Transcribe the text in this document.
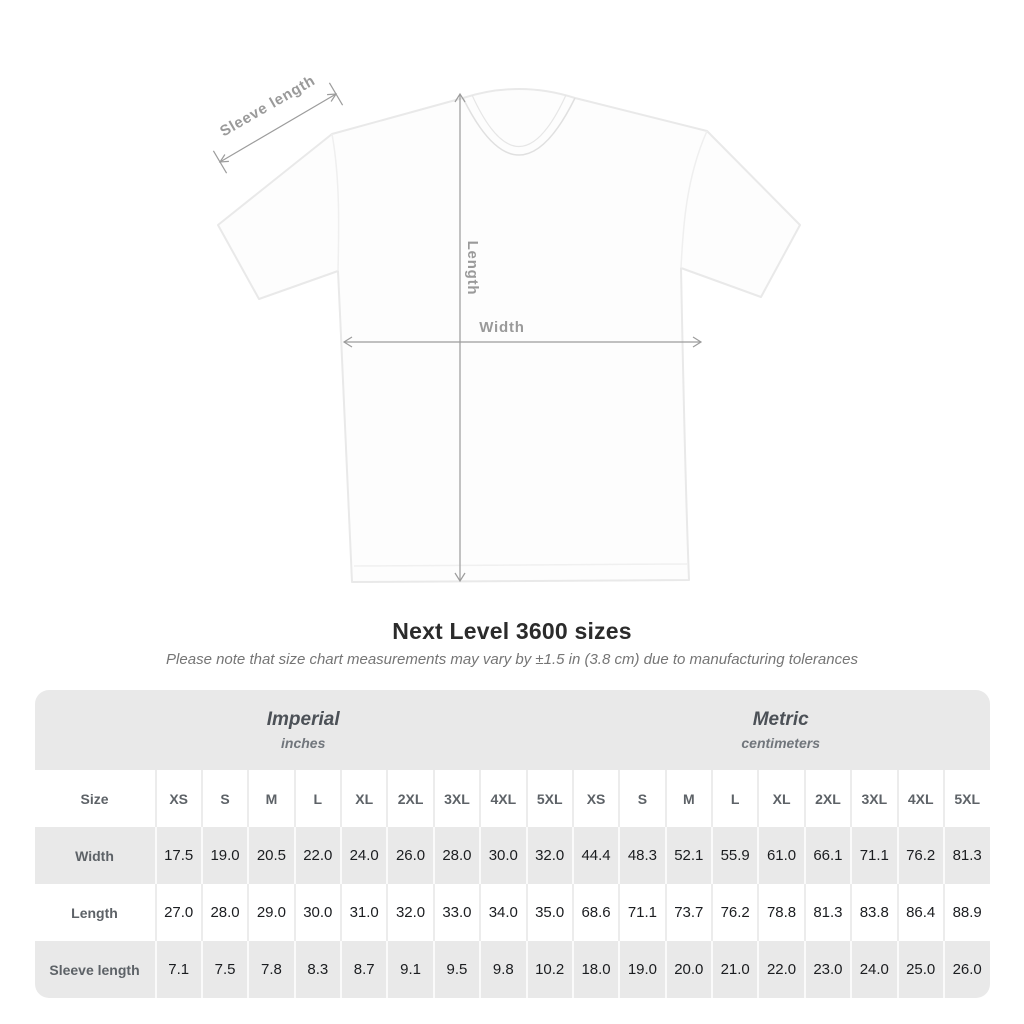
Sleeve length
Length
Width
Next Level 3600 sizes

Please note that size chart measurements may vary by ±1.5 in (3.8 cm) due to manufacturing tolerances

Imperial
inches

Metric
centimeters

Size	XS	S	M	L	XL	2XL	3XL	4XL	5XL	XS	S	M	L	XL	2XL	3XL	4XL	5XL
Width	17.5	19.0	20.5	22.0	24.0	26.0	28.0	30.0	32.0	44.4	48.3	52.1	55.9	61.0	66.1	71.1	76.2	81.3
Length	27.0	28.0	29.0	30.0	31.0	32.0	33.0	34.0	35.0	68.6	71.1	73.7	76.2	78.8	81.3	83.8	86.4	88.9
Sleeve length	7.1	7.5	7.8	8.3	8.7	9.1	9.5	9.8	10.2	18.0	19.0	20.0	21.0	22.0	23.0	24.0	25.0	26.0
